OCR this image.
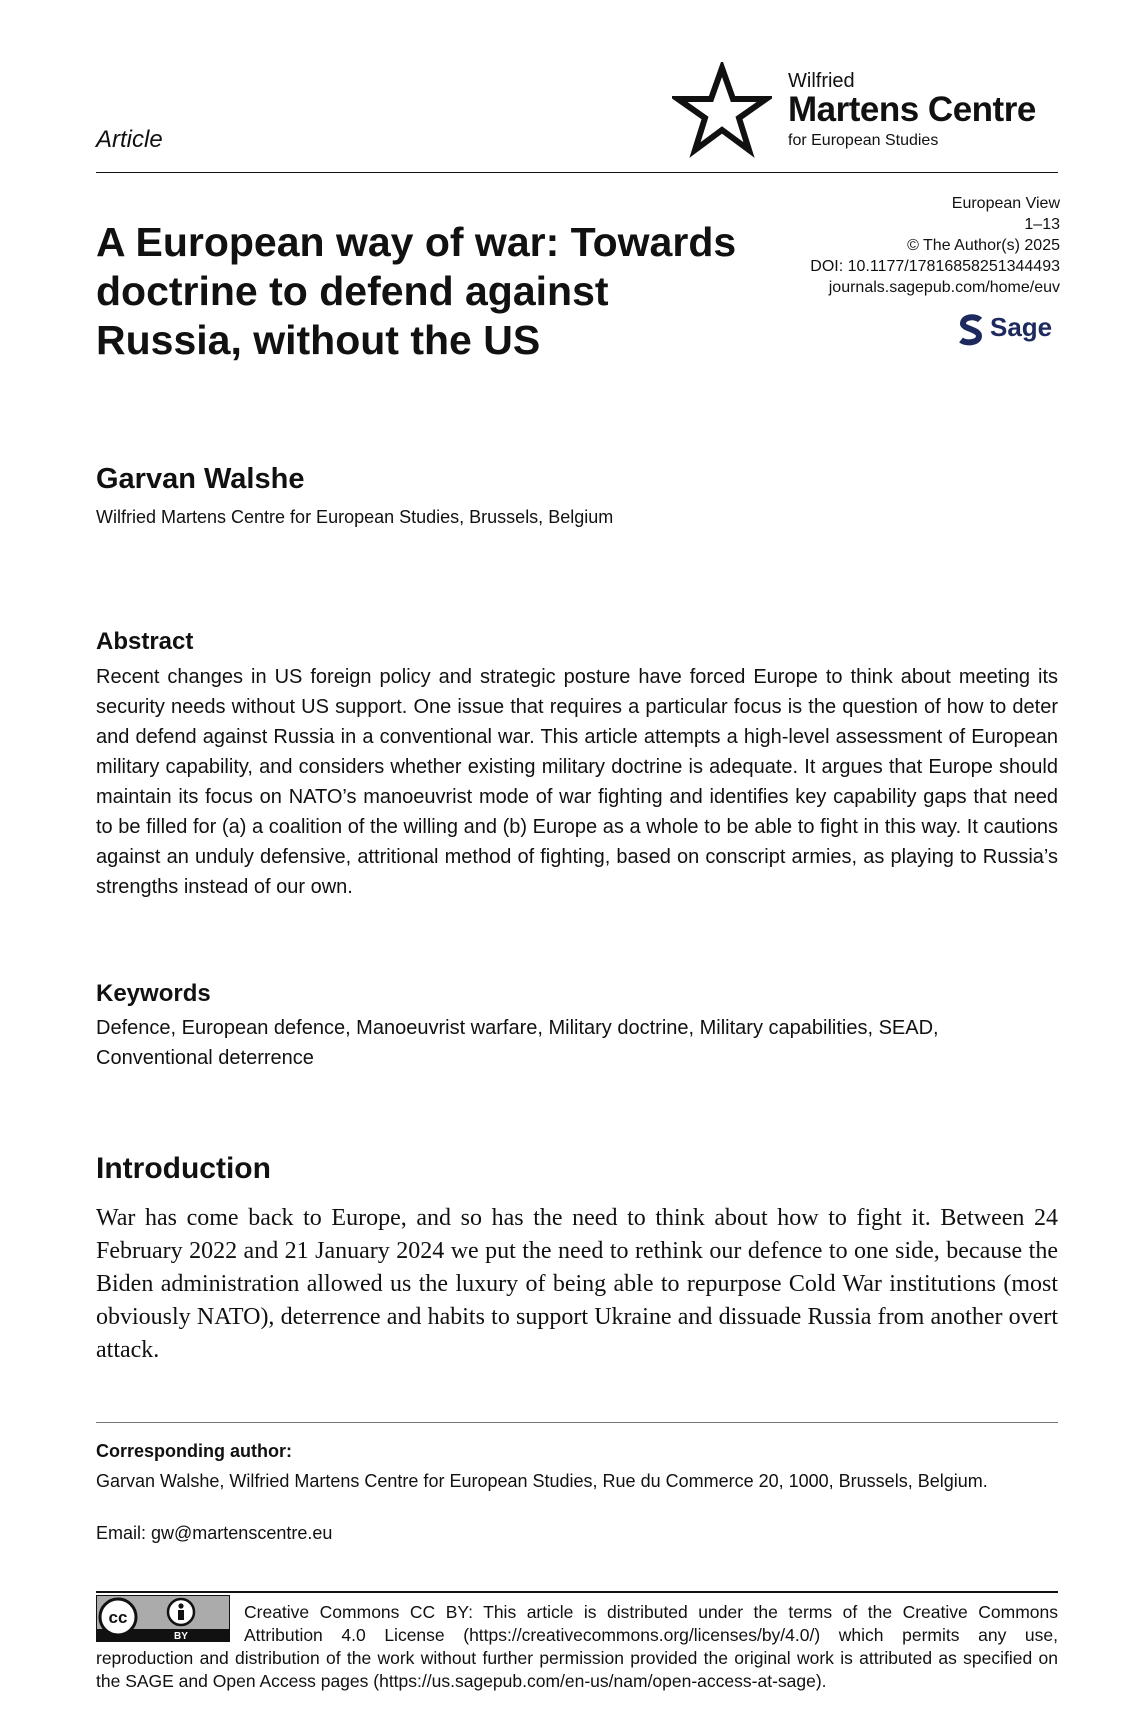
Article
Wilfried
Martens Centre
for European Studies
A European way of war: Towards doctrine to defend against Russia, without the US
European View
1–13
© The Author(s) 2025
DOI: 10.1177/17816858251344493
journals.sagepub.com/home/euv
Sage
Garvan Walshe
Wilfried Martens Centre for European Studies, Brussels, Belgium
Abstract

Recent changes in US foreign policy and strategic posture have forced Europe to think about meeting its security needs without US support. One issue that requires a particular focus is the question of how to deter and defend against Russia in a conventional war. This article attempts a high-level assessment of European military capability, and considers whether existing military doctrine is adequate. It argues that Europe should maintain its focus on NATO’s manoeuvrist mode of war fighting and identifies key capability gaps that need to be filled for (a) a coalition of the willing and (b) Europe as a whole to be able to fight in this way. It cautions against an unduly defensive, attritional method of fighting, based on conscript armies, as playing to Russia’s strengths instead of our own.

Keywords

Defence, European defence, Manoeuvrist warfare, Military doctrine, Military capabilities, SEAD, Conventional deterrence

Introduction

War has come back to Europe, and so has the need to think about how to fight it. Between 24 February 2022 and 21 January 2024 we put the need to rethink our defence to one side, because the Biden administration allowed us the luxury of being able to repurpose Cold War institutions (most obviously NATO), deterrence and habits to support Ukraine and dissuade Russia from another overt attack.

Corresponding author:

Garvan Walshe, Wilfried Martens Centre for European Studies, Rue du Commerce 20, 1000, Brussels, Belgium.

Email: gw@martenscentre.eu
cc
BY

Creative Commons CC BY: This article is distributed under the terms of the Creative Commons Attribution 4.0 License (https://creativecommons.org/licenses/by/4.0/) which permits any use, reproduction and distribution of the work without further permission provided the original work is attributed as specified on the SAGE and Open Access pages (https://us.sagepub.com/en-us/nam/open-access-at-sage).
